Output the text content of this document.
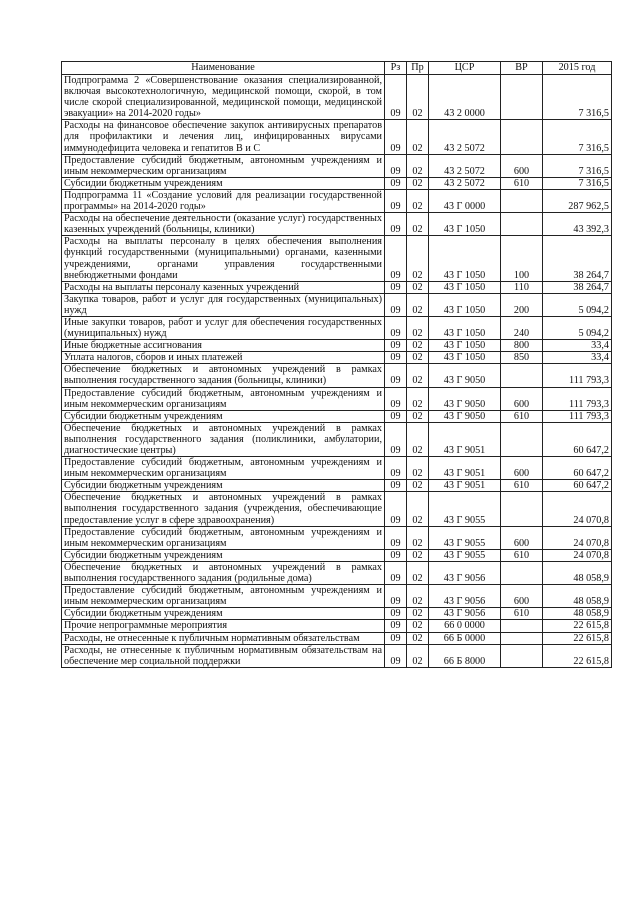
Наименование	Рз	Пр	ЦСР	ВР	2015 год
Подпрограмма 2 «Совершенствование оказания специализированной, включая высокотехнологичную, медицинской помощи, скорой, в том числе скорой специализированной, медицинской помощи, медицинской эвакуации» на 2014-2020 годы»	09	02	43 2 0000		7 316,5
Расходы на финансовое обеспечение закупок антивирусных препаратов для профилактики и лечения лиц, инфицированных вирусами иммунодефицита человека и гепатитов В и С	09	02	43 2 5072		7 316,5
Предоставление субсидий бюджетным, автономным учреждениям и иным некоммерческим организациям	09	02	43 2 5072	600	7 316,5
Субсидии бюджетным учреждениям	09	02	43 2 5072	610	7 316,5
Подпрограмма 11 «Создание условий для реализации государственной программы» на 2014-2020 годы»	09	02	43 Г 0000		287 962,5
Расходы на обеспечение деятельности (оказание услуг) государственных казенных учреждений (больницы, клиники)	09	02	43 Г 1050		43 392,3
Расходы на выплаты персоналу в целях обеспечения выполнения функций государственными (муниципальными) органами, казенными учреждениями, органами управления государственными внебюджетными фондами	09	02	43 Г 1050	100	38 264,7
Расходы на выплаты персоналу казенных учреждений	09	02	43 Г 1050	110	38 264,7
Закупка товаров, работ и услуг для государственных (муниципальных) нужд	09	02	43 Г 1050	200	5 094,2
Иные закупки товаров, работ и услуг для обеспечения государственных (муниципальных) нужд	09	02	43 Г 1050	240	5 094,2
Иные бюджетные ассигнования	09	02	43 Г 1050	800	33,4
Уплата налогов, сборов и иных платежей	09	02	43 Г 1050	850	33,4
Обеспечение бюджетных и автономных учреждений в рамках выполнения государственного задания (больницы, клиники)	09	02	43 Г 9050		111 793,3
Предоставление субсидий бюджетным, автономным учреждениям и иным некоммерческим организациям	09	02	43 Г 9050	600	111 793,3
Субсидии бюджетным учреждениям	09	02	43 Г 9050	610	111 793,3
Обеспечение бюджетных и автономных учреждений в рамках выполнения государственного задания (поликлиники, амбулатории, диагностические центры)	09	02	43 Г 9051		60 647,2
Предоставление субсидий бюджетным, автономным учреждениям и иным некоммерческим организациям	09	02	43 Г 9051	600	60 647,2
Субсидии бюджетным учреждениям	09	02	43 Г 9051	610	60 647,2
Обеспечение бюджетных и автономных учреждений в рамках выполнения государственного задания (учреждения, обеспечивающие предоставление услуг в сфере здравоохранения)	09	02	43 Г 9055		24 070,8
Предоставление субсидий бюджетным, автономным учреждениям и иным некоммерческим организациям	09	02	43 Г 9055	600	24 070,8
Субсидии бюджетным учреждениям	09	02	43 Г 9055	610	24 070,8
Обеспечение бюджетных и автономных учреждений в рамках выполнения государственного задания (родильные дома)	09	02	43 Г 9056		48 058,9
Предоставление субсидий бюджетным, автономным учреждениям и иным некоммерческим организациям	09	02	43 Г 9056	600	48 058,9
Субсидии бюджетным учреждениям	09	02	43 Г 9056	610	48 058,9
Прочие непрограммные мероприятия	09	02	66 0 0000		22 615,8
Расходы, не отнесенные к публичным нормативным обязательствам	09	02	66 Б 0000		22 615,8
Расходы, не отнесенные к публичным нормативным обязательствам на обеспечение мер социальной поддержки	09	02	66 Б 8000		22 615,8
